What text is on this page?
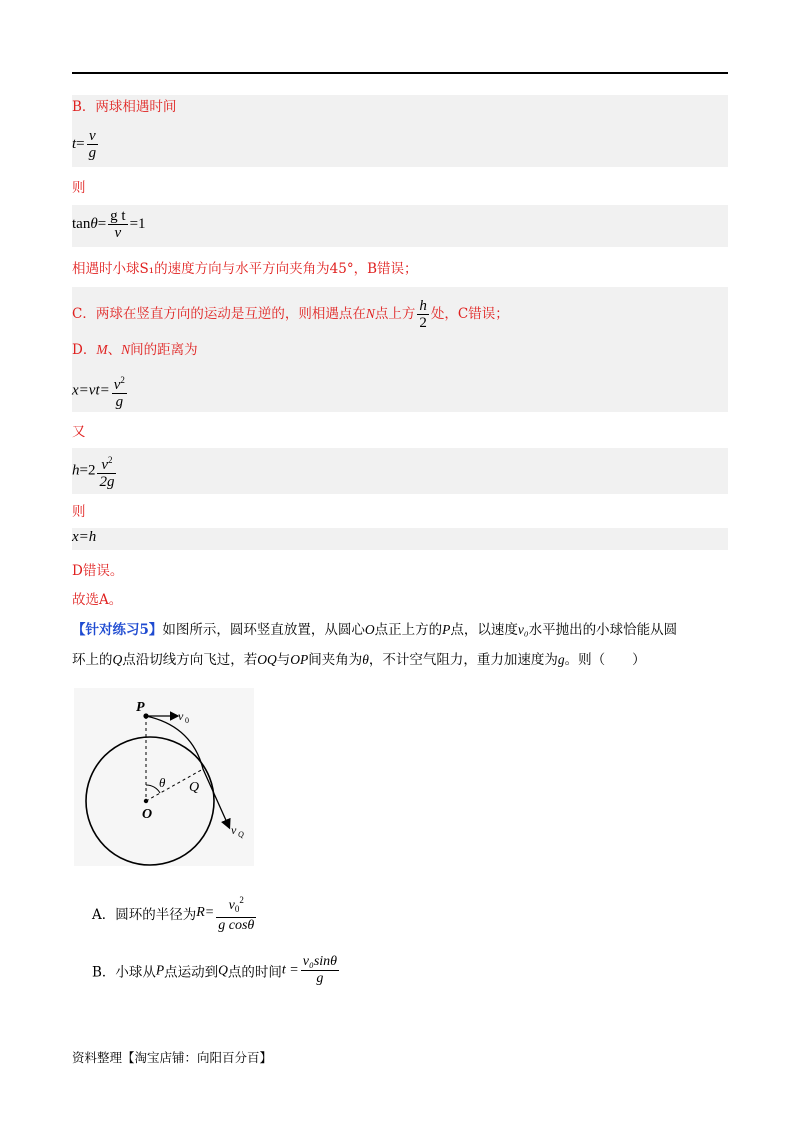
B．两球相遇时间
$t= \frac{v}{g}$
则
$\tan\theta= \frac{\text{g t}}{v} =1$
相遇时小球S₁的速度方向与水平方向夹角为45°，B错误；
C．两球在竖直方向的运动是互逆的，则相遇点在N点上方 $\frac{h}{2}$ 处，C错误；
D．M、N间的距离为
$x=vt= \frac{v^2}{g}$
又
$h=2 \frac{v^2}{2g}$
则
x=h
D错误。
故选A。
【针对练习5】如图所示，圆环竖直放置，从圆心O点正上方的P点，以速度v₀水平抛出的小球恰能从圆
环上的Q点沿切线方向飞过，若OQ与OP间夹角为θ，不计空气阻力，重力加速度为g。则（　　）
P
v 0
θ Q
O
v Q
A．圆环的半径为$R= \frac{v_0^2}{\text{g cosθ}}$
B．小球从P点运动到Q点的时间$t = \frac{\text{v₀sinθ}}{g}$
资料整理【淘宝店铺：向阳百分百】
